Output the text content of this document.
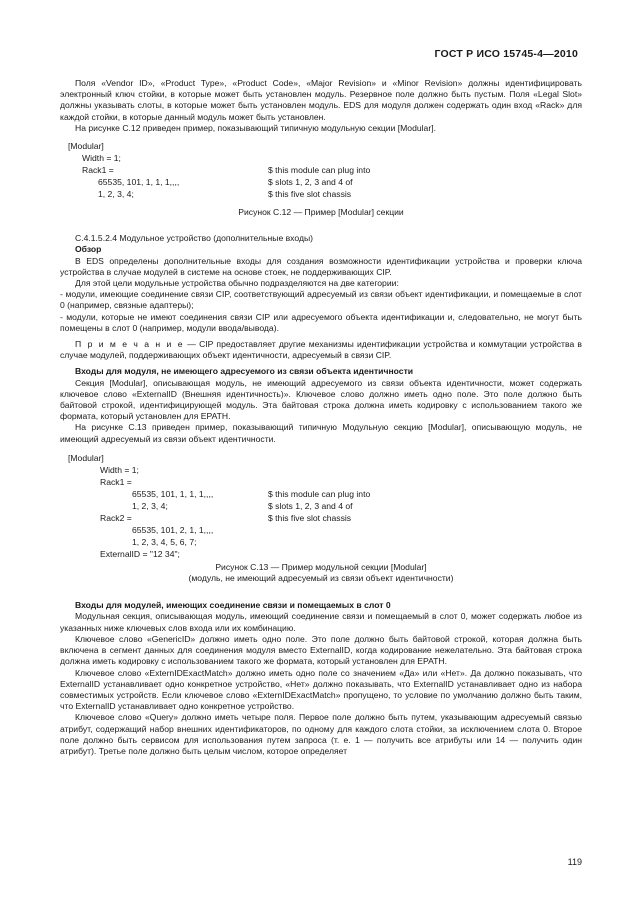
ГОСТ Р ИСО 15745-4—2010

Поля «Vendor ID», «Product Type», «Product Code», «Major Revision» и «Minor Revision» должны идентифицировать электронный ключ стойки, в которые может быть установлен модуль. Резервное поле должно быть пустым. Поля «Legal Slot» должны указывать слоты, в которые может быть установлен модуль. EDS для модуля должен содержать один вход «Rack» для каждой стойки, в которые данный модуль может быть установлен.

На рисунке C.12 приведен пример, показывающий типичную модульную секции [Modular].

[Modular]
Width = 1;
Rack1 =	$ this module can plug into
65535, 101, 1, 1, 1,,,,	$ slots 1, 2, 3 and 4 of
1, 2, 3, 4;	$ this five slot chassis

Рисунок C.12 — Пример [Modular] секции

C.4.1.5.2.4 Модульное устройство (дополнительные входы)

Обзор

В EDS определены дополнительные входы для создания возможности идентификации устройства и проверки ключа устройства в случае модулей в системе на основе стоек, не поддерживающих CIP.

Для этой цели модульные устройства обычно подразделяются на две категории:

- модули, имеющие соединение связи CIP, соответствующий адресуемый из связи объект идентификации, и помещаемые в слот 0 (например, связные адаптеры);

- модули, которые не имеют соединения связи CIP или адресуемого объекта идентификации и, следовательно, не могут быть помещены в слот 0 (например, модули ввода/вывода).

П р и м е ч а н и е — CIP предоставляет другие механизмы идентификации устройства и коммутации устройства в случае модулей, поддерживающих объект идентичности, адресуемый в связи CIP.

Входы для модуля, не имеющего адресуемого из связи объекта идентичности

Секция [Modular], описывающая модуль, не имеющий адресуемого из связи объекта идентичности, может содержать ключевое слово «ExternalID (Внешняя идентичность)». Ключевое слово должно иметь одно поле. Это поле должно быть байтовой строкой, идентифицирующей модуль. Эта байтовая строка должна иметь кодировку с использованием такого же формата, который установлен для EPATH.

На рисунке C.13 приведен пример, показывающий типичную Модульную секцию [Modular], описывающую модуль, не имеющий адресуемый из связи объект идентичности.

[Modular]
Width = 1;
Rack1 =
65535, 101, 1, 1, 1,,,,	$ this module can plug into
1, 2, 3, 4;	$ slots 1, 2, 3 and 4 of
Rack2 =	$ this five slot chassis
65535, 101, 2, 1, 1,,,,
1, 2, 3, 4, 5, 6, 7;
ExternalID = "12 34";

Рисунок C.13 — Пример модульной секции [Modular]

(модуль, не имеющий адресуемый из связи объект идентичности)

Входы для модулей, имеющих соединение связи и помещаемых в слот 0

Модульная секция, описывающая модуль, имеющий соединение связи и помещаемый в слот 0, может содержать любое из указанных ниже ключевых слов входа или их комбинацию.

Ключевое слово «GenericID» должно иметь одно поле. Это поле должно быть байтовой строкой, которая должна быть включена в сегмент данных для соединения модуля вместо ExternalID, когда кодирование нежелательно. Эта байтовая строка должна иметь кодировку с использованием такого же формата, который установлен для EPATH.

Ключевое слово «ExternIDExactMatch» должно иметь одно поле со значением «Да» или «Нет». Да должно показывать, что ExternalID устанавливает одно конкретное устройство, «Нет» должно показывать, что ExternalID устанавливает одно из набора совместимых устройств. Если ключевое слово «ExternIDExactMatch» пропущено, то условие по умолчанию должно быть таким, что ExternalID устанавливает одно конкретное устройство.

Ключевое слово «Query» должно иметь четыре поля. Первое поле должно быть путем, указывающим адресуемый связью атрибут, содержащий набор внешних идентификаторов, по одному для каждого слота стойки, за исключением слота 0. Второе поле должно быть сервисом для использования путем запроса (т. е. 1 — получить все атрибуты или 14 — получить один атрибут). Третье поле должно быть целым числом, которое определяет

119
